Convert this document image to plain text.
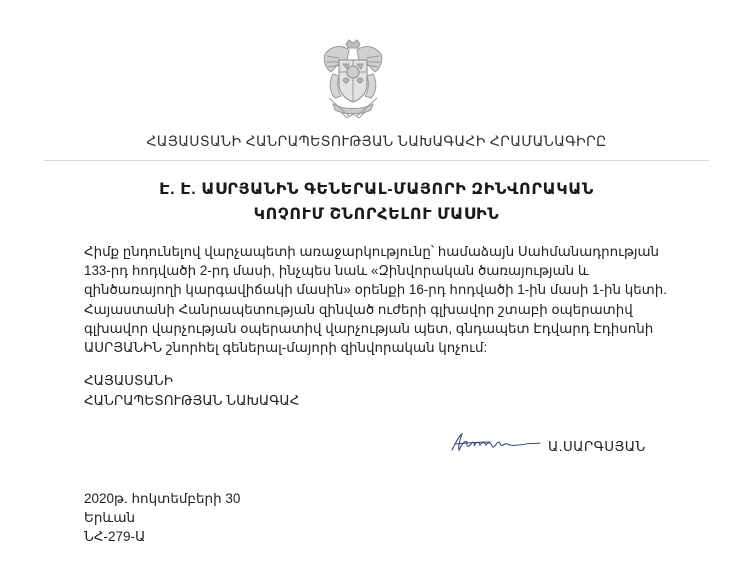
ՀԱՅԱՍՏԱՆԻ ՀԱՆՐԱՊԵՏՈՒԹՅԱՆ ՆԱԽԱԳԱՀԻ ՀՐԱՄԱՆԱԳԻՐԸ
Է. Է. ԱՍՐՅԱՆԻՆ ԳԵՆԵՐԱԼ-ՄԱՅՈՐԻ ԶԻՆՎՈՐԱԿԱՆ
ԿՈՉՈՒՄ ՇՆՈՐՀԵԼՈՒ ՄԱՍԻՆ
Հիմք ընդունելով վարչապետի առաջարկությունը՝ համաձայն Սահմանադրության
133-րդ հոդվածի 2-րդ մասի, ինչպես նաև «Զինվորական ծառայության և
զինծառայողի կարգավիճակի մասին» օրենքի 16-րդ հոդվածի 1-ին մասի 1-ին կետի.
Հայաստանի Հանրապետության զինված ուժերի գլխավոր շտաբի օպերատիվ
գլխավոր վարչության օպերատիվ վարչության պետ, գնդապետ Էդվարդ Էդիսոնի
ԱՍՐՅԱՆԻՆ շնորհել գեներալ-մայորի զինվորական կոչում:
ՀԱՅԱՍՏԱՆԻ
ՀԱՆՐԱՊԵՏՈՒԹՅԱՆ ՆԱԽԱԳԱՀ
Ա.ՍԱՐԳՍՅԱՆ
2020թ. հոկտեմբերի 30
Երևան
ՆՀ-279-Ա
